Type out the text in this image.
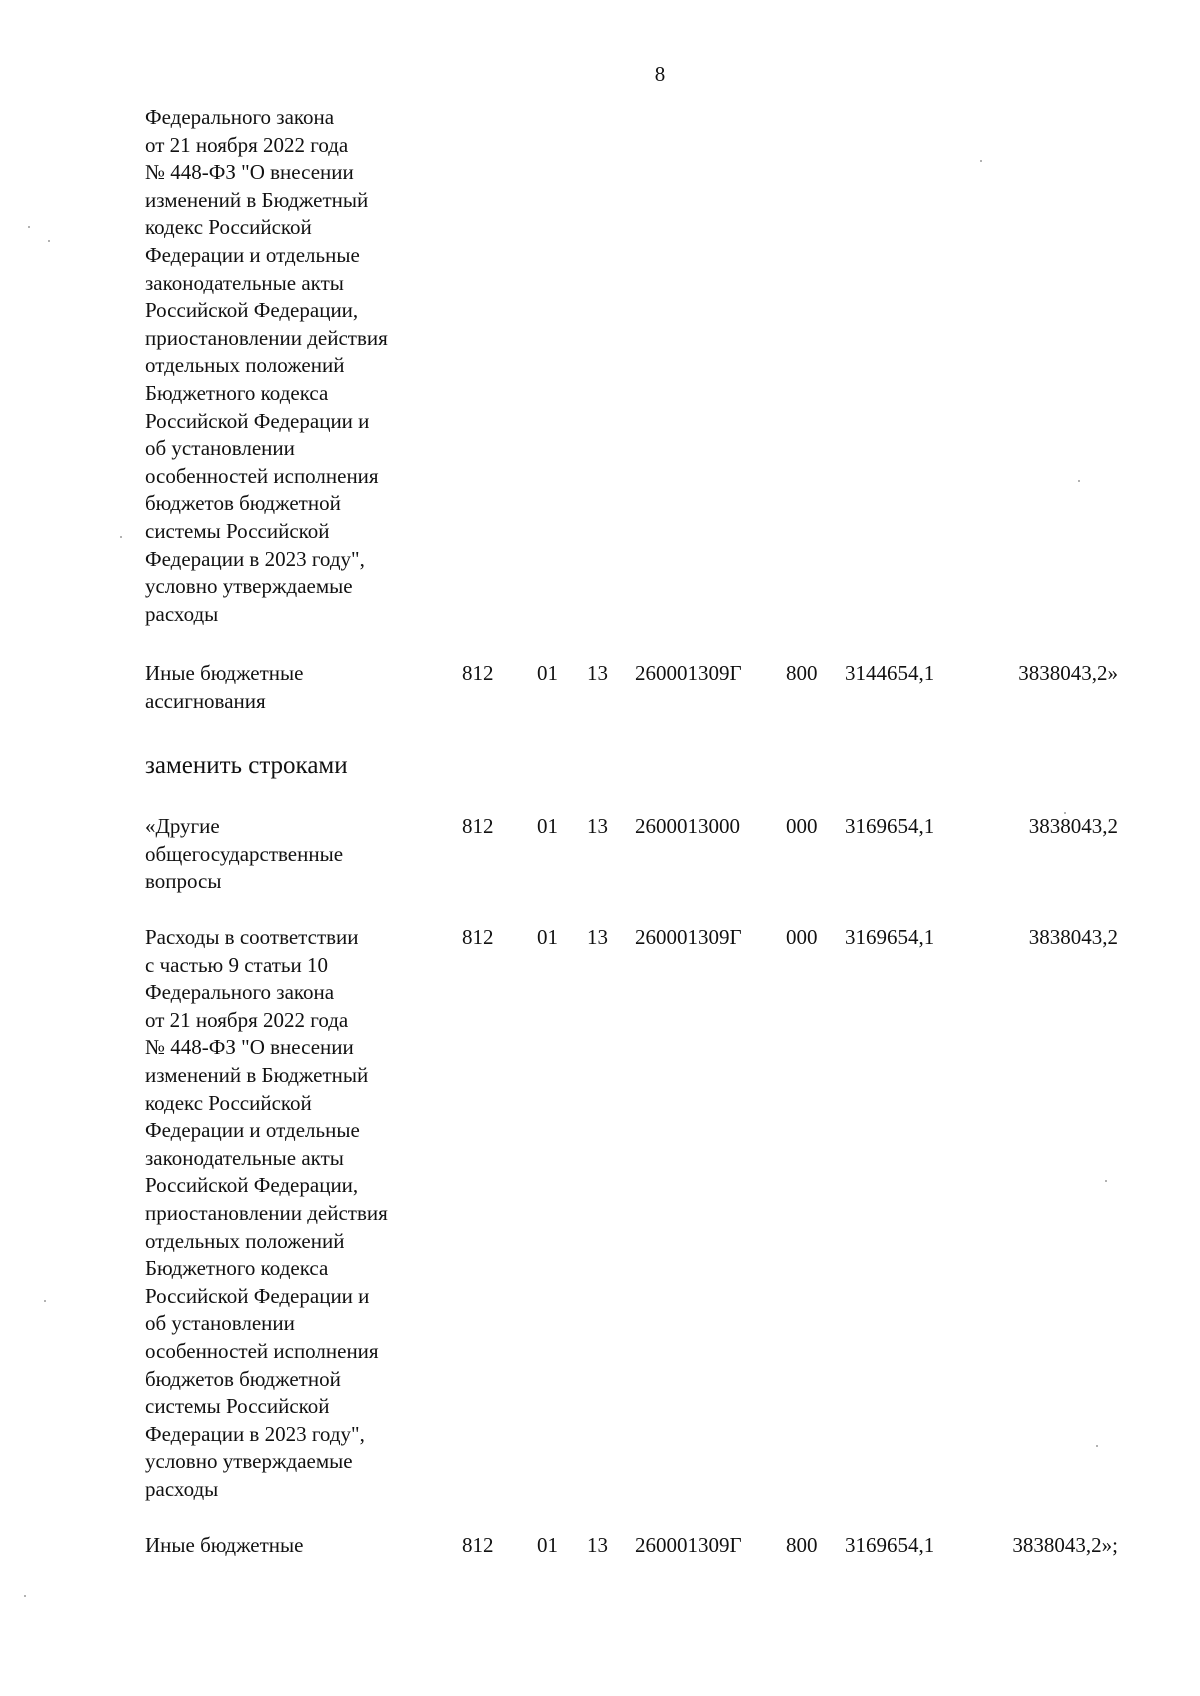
8
Федерального закона
от 21 ноября 2022 года
№ 448-ФЗ "О внесении
изменений в Бюджетный
кодекс Российской
Федерации и отдельные
законодательные акты
Российской Федерации,
приостановлении действия
отдельных положений
Бюджетного кодекса
Российской Федерации и
об установлении
особенностей исполнения
бюджетов бюджетной
системы Российской
Федерации в 2023 году",
условно утверждаемые
расходы
Иные бюджетные
ассигнования
812 01 13 260001309Г 800 3144654,1	3838043,2»
заменить строками
«Другие
общегосударственные
вопросы
812 01 13 2600013000 000 3169654,1	3838043,2
Расходы в соответствии
с частью 9 статьи 10
Федерального закона
от 21 ноября 2022 года
№ 448-ФЗ "О внесении
изменений в Бюджетный
кодекс Российской
Федерации и отдельные
законодательные акты
Российской Федерации,
приостановлении действия
отдельных положений
Бюджетного кодекса
Российской Федерации и
об установлении
особенностей исполнения
бюджетов бюджетной
системы Российской
Федерации в 2023 году",
условно утверждаемые
расходы
812 01 13 260001309Г 000 3169654,1	3838043,2
Иные бюджетные	812 01 13 260001309Г 800 3169654,1	3838043,2»;
